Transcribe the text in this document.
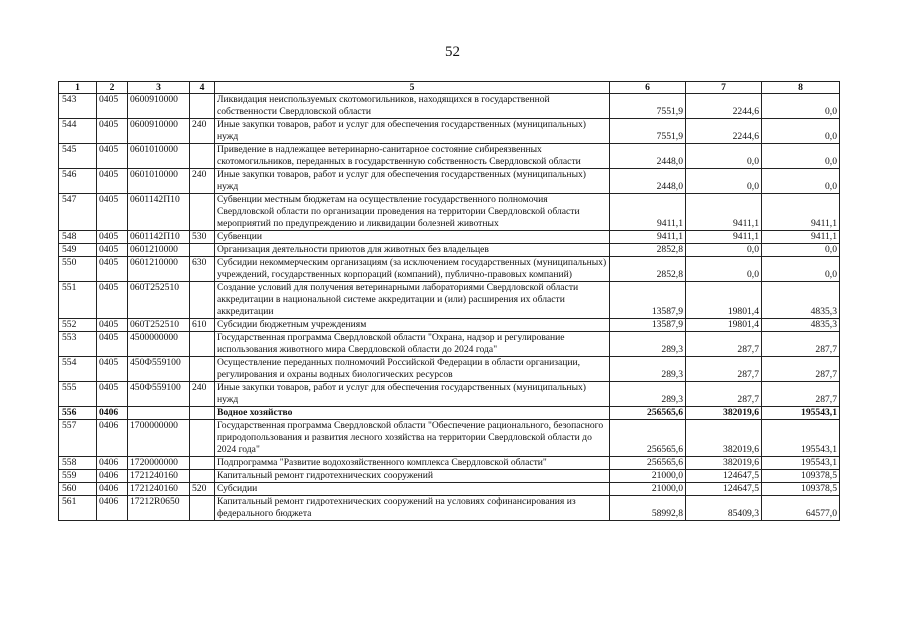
52
1	2	3	4	5	6	7	8
543	0405	0600910000		Ликвидация неиспользуемых скотомогильников, находящихся в государственной собственности Свердловской области	7551,9	2244,6	0,0
544	0405	0600910000	240	Иные закупки товаров, работ и услуг для обеспечения государственных (муниципальных) нужд	7551,9	2244,6	0,0
545	0405	0601010000		Приведение в надлежащее ветеринарно-санитарное состояние сибиреязвенных скотомогильников, переданных в государственную собственность Свердловской области	2448,0	0,0	0,0
546	0405	0601010000	240	Иные закупки товаров, работ и услуг для обеспечения государственных (муниципальных) нужд	2448,0	0,0	0,0
547	0405	0601142П10		Субвенции местным бюджетам на осуществление государственного полномочия Свердловской области по организации проведения на территории Свердловской области мероприятий по предупреждению и ликвидации болезней животных	9411,1	9411,1	9411,1
548	0405	0601142П10	530	Субвенции	9411,1	9411,1	9411,1
549	0405	0601210000		Организация деятельности приютов для животных без владельцев	2852,8	0,0	0,0
550	0405	0601210000	630	Субсидии некоммерческим организациям (за исключением государственных (муниципальных) учреждений, государственных корпораций (компаний), публично-правовых компаний)	2852,8	0,0	0,0
551	0405	060Т252510		Создание условий для получения ветеринарными лабораториями Свердловской области аккредитации в национальной системе аккредитации и (или) расширения их области аккредитации	13587,9	19801,4	4835,3
552	0405	060Т252510	610	Субсидии бюджетным учреждениям	13587,9	19801,4	4835,3
553	0405	4500000000		Государственная программа Свердловской области "Охрана, надзор и регулирование использования животного мира Свердловской области до 2024 года"	289,3	287,7	287,7
554	0405	450Ф559100		Осуществление переданных полномочий Российской Федерации в области организации, регулирования и охраны водных биологических ресурсов	289,3	287,7	287,7
555	0405	450Ф559100	240	Иные закупки товаров, работ и услуг для обеспечения государственных (муниципальных) нужд	289,3	287,7	287,7
556	0406			Водное хозяйство	256565,6	382019,6	195543,1
557	0406	1700000000		Государственная программа Свердловской области "Обеспечение рационального, безопасного природопользования и развития лесного хозяйства на территории Свердловской области до 2024 года"	256565,6	382019,6	195543,1
558	0406	1720000000		Подпрограмма "Развитие водохозяйственного комплекса Свердловской области"	256565,6	382019,6	195543,1
559	0406	1721240160		Капитальный ремонт гидротехнических сооружений	21000,0	124647,5	109378,5
560	0406	1721240160	520	Субсидии	21000,0	124647,5	109378,5
561	0406	17212R0650		Капитальный ремонт гидротехнических сооружений на условиях софинансирования из федерального бюджета	58992,8	85409,3	64577,0
